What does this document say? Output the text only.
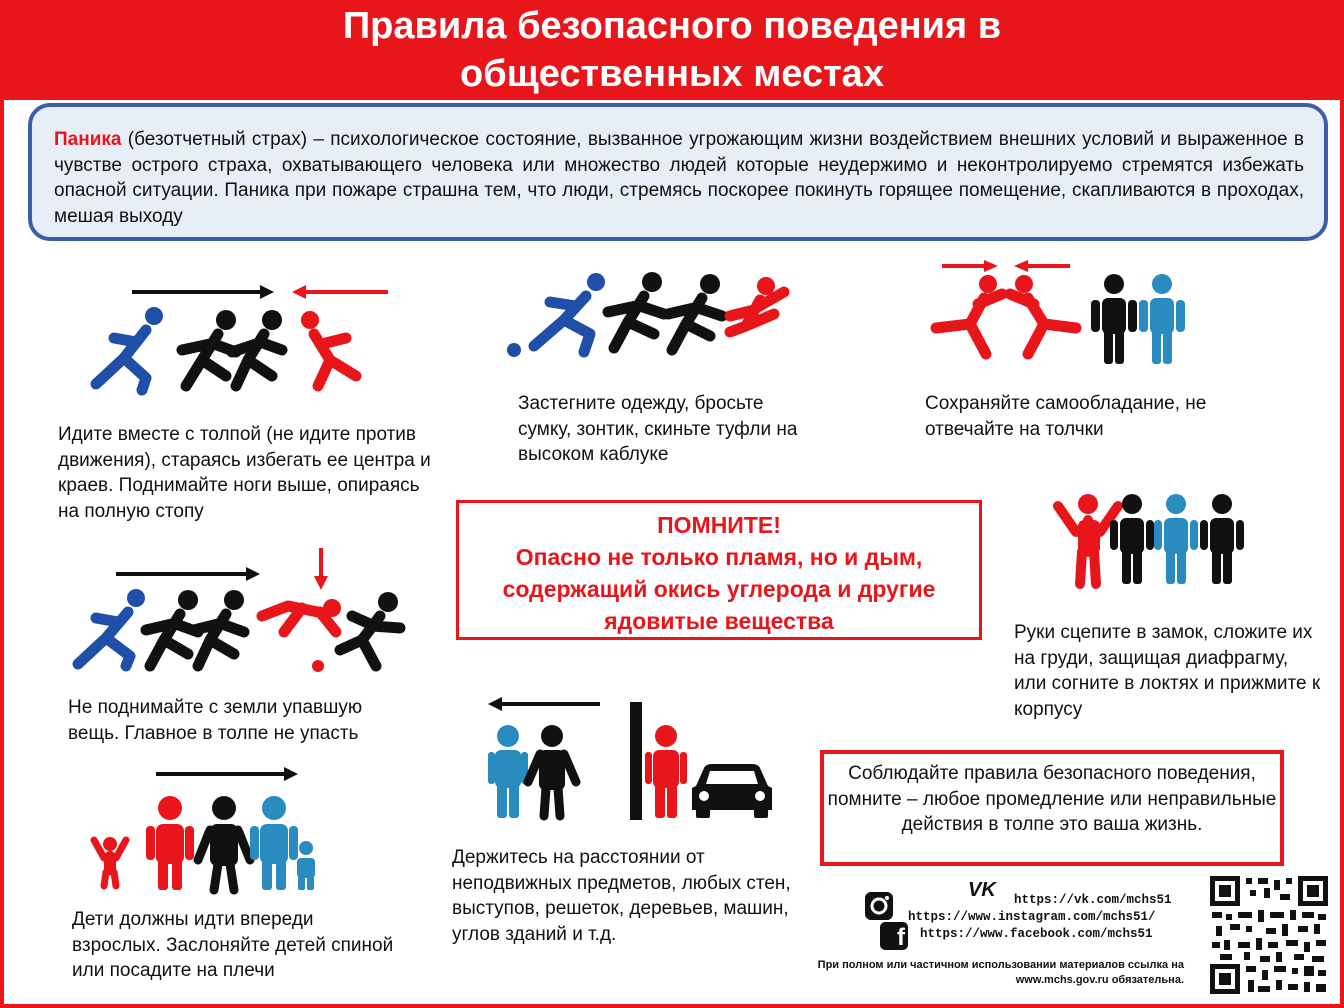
Правила безопасного поведения в
общественных местах
Паника (безотчетный страх) – психологическое состояние, вызванное угрожающим жизни воздействием внешних условий и выраженное в чувстве острого страха, охватывающего человека или множество людей которые неудержимо и неконтролируемо стремятся избежать опасной ситуации. Паника при пожаре страшна тем, что люди, стремясь поскорее покинуть горящее помещение, скапливаются в проходах, мешая выходу
Идите вместе с толпой (не идите против движения), стараясь избегать ее центра и краев. Поднимайте ноги выше, опираясь на полную стопу
Застегните одежду, бросьте сумку, зонтик, скиньте туфли на высоком каблуке
Сохраняйте самообладание, не отвечайте на толчки
ПОМНИТЕ!
Опасно не только пламя, но и дым, содержащий окись углерода и другие ядовитые вещества	Руки сцепите в замок, сложите их на груди, защищая диафрагму, или согните в локтях и прижмите к корпусу
Не поднимайте с земли упавшую вещь. Главное в толпе не упасть
Дети должны идти впереди взрослых. Заслоняйте детей спиной или посадите на плечи
Держитесь на расстоянии от неподвижных предметов, любых стен, выступов, решеток, деревьев, машин, углов зданий и т.д.
Соблюдайте правила безопасного поведения, помните – любое промедление или неправильные действия в толпе это ваша жизнь.
VK	https://vk.com/mchs51
https://www.instagram.com/mchs51/
f https://www.facebook.com/mchs51
При полном или частичном использовании материалов ссылка на www.mchs.gov.ru обязательна.
